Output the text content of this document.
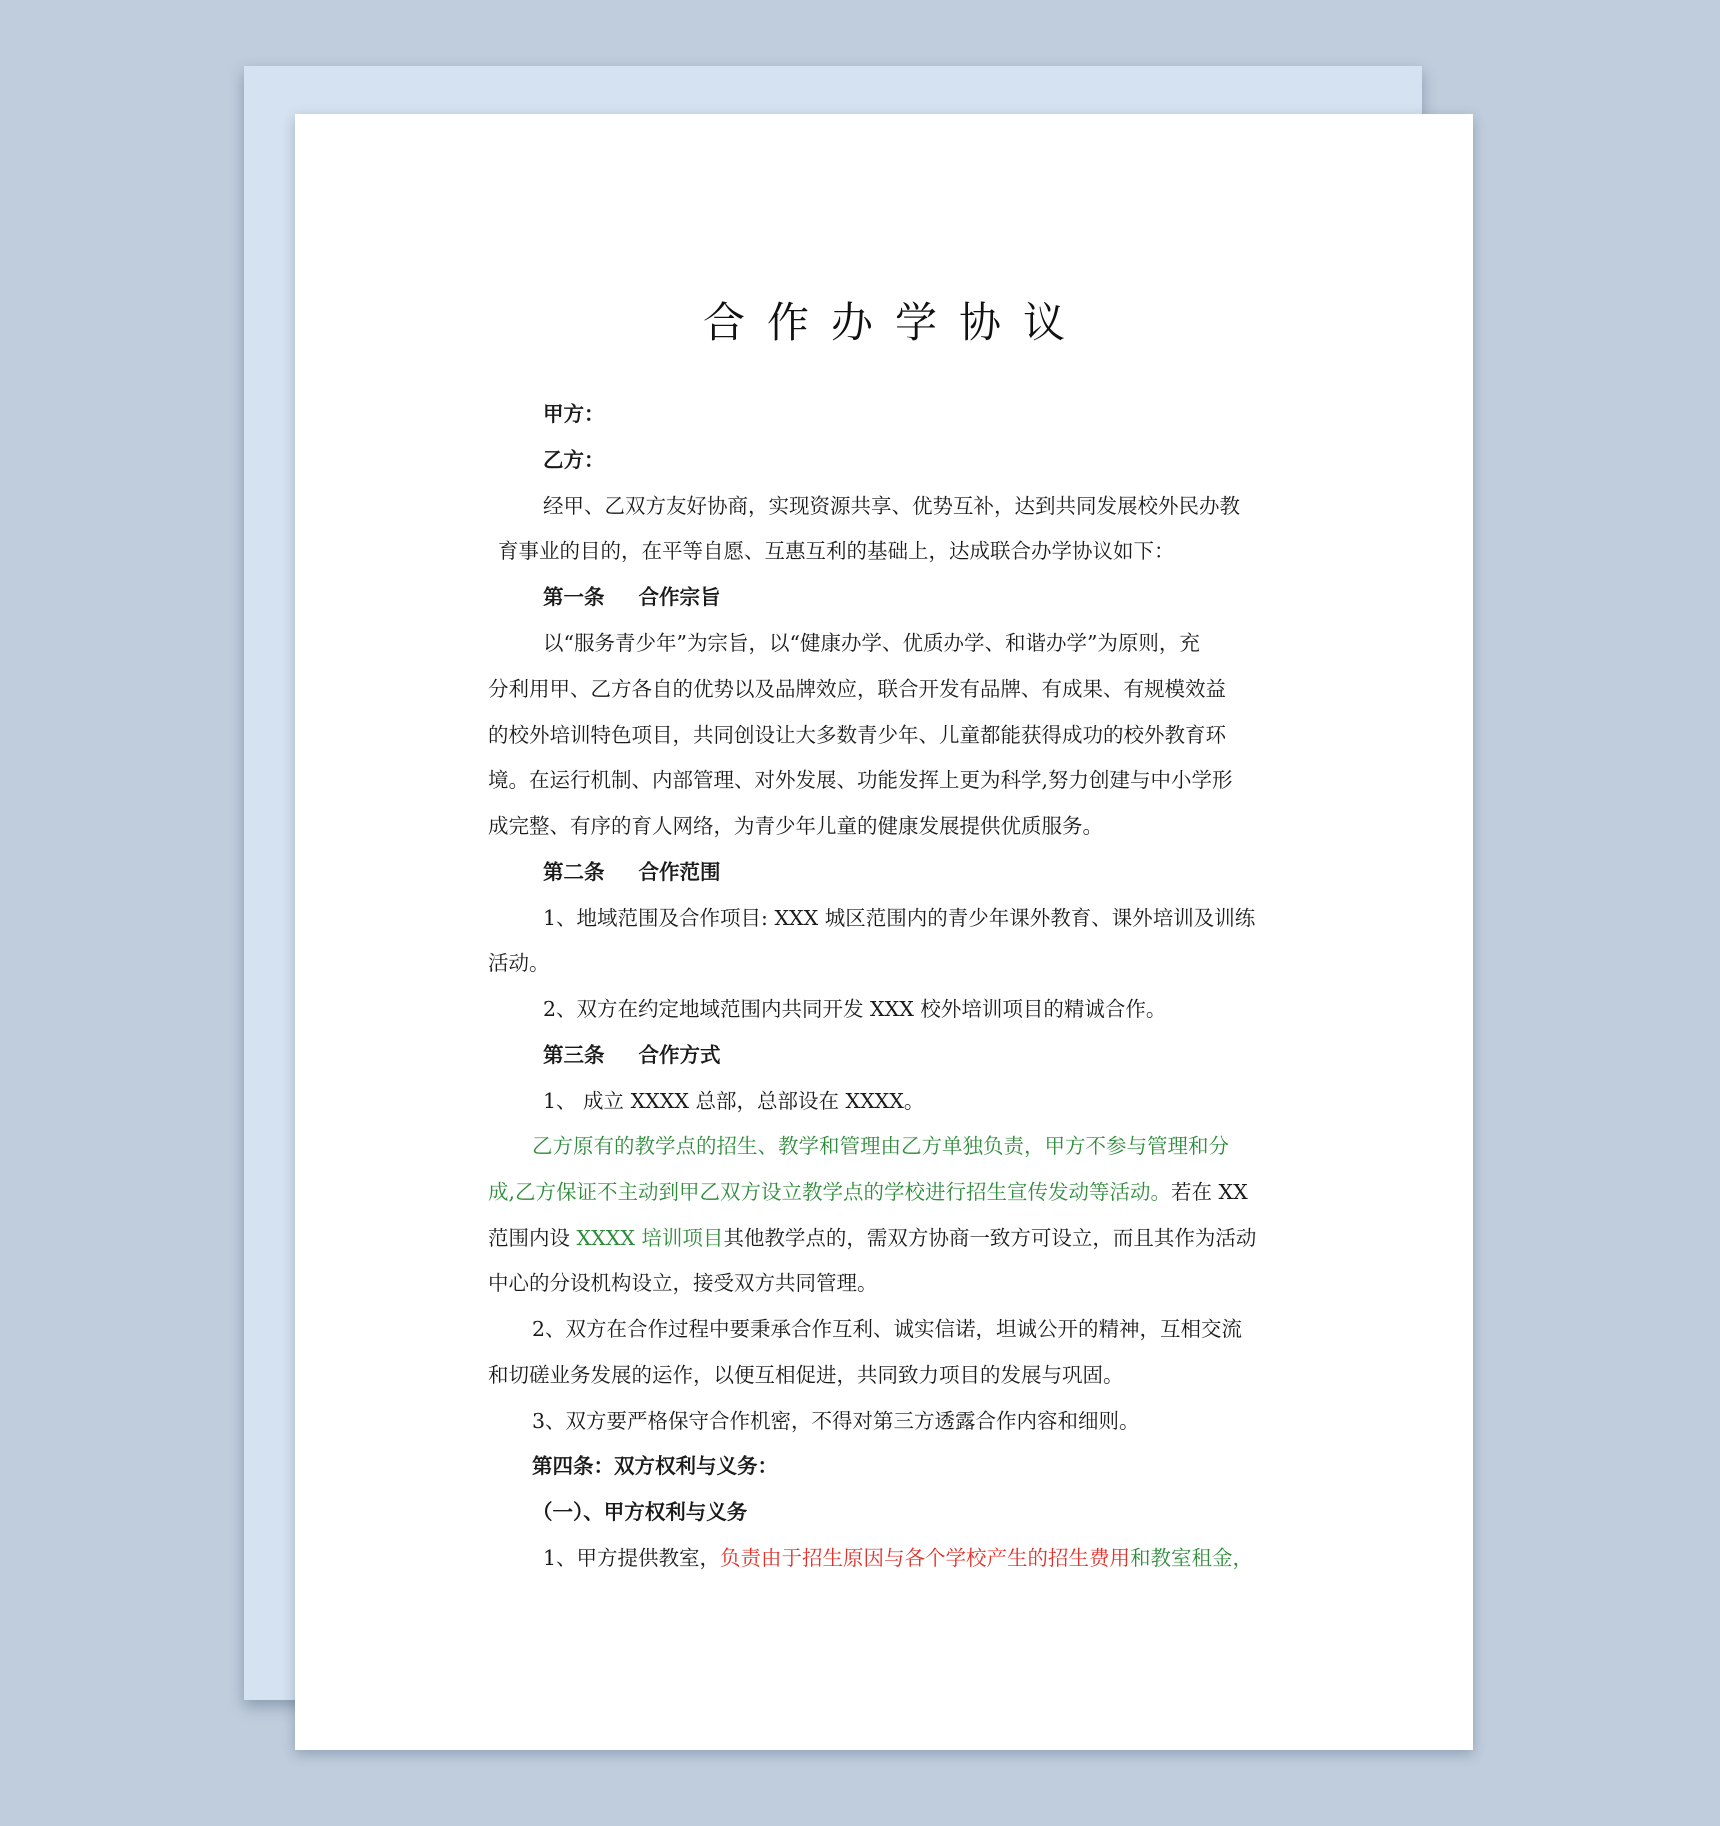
合作办学协议
甲方：
乙方：
经甲、乙双方友好协商，实现资源共享、优势互补，达到共同发展校外民办教
育事业的目的，在平等自愿、互惠互利的基础上，达成联合办学协议如下：
第一条 合作宗旨
以“服务青少年”为宗旨，以“健康办学、优质办学、和谐办学”为原则，充
分利用甲、乙方各自的优势以及品牌效应，联合开发有品牌、有成果、有规模效益
的校外培训特色项目，共同创设让大多数青少年、儿童都能获得成功的校外教育环
境。在运行机制、内部管理、对外发展、功能发挥上更为科学,努力创建与中小学形
成完整、有序的育人网络，为青少年儿童的健康发展提供优质服务。
第二条 合作范围
1、地域范围及合作项目: XXX 城区范围内的青少年课外教育、课外培训及训练
活动。
2、双方在约定地域范围内共同开发 XXX 校外培训项目的精诚合作。
第三条 合作方式
1、 成立 XXXX 总部，总部设在 XXXX。
乙方原有的教学点的招生、教学和管理由乙方单独负责，甲方不参与管理和分
成,乙方保证不主动到甲乙双方设立教学点的学校进行招生宣传发动等活动。若在 XX
范围内设 XXXX 培训项目其他教学点的，需双方协商一致方可设立，而且其作为活动
中心的分设机构设立，接受双方共同管理。
2、双方在合作过程中要秉承合作互利、诚实信诺，坦诚公开的精神，互相交流
和切磋业务发展的运作，以便互相促进，共同致力项目的发展与巩固。
3、双方要严格保守合作机密，不得对第三方透露合作内容和细则。
第四条：双方权利与义务：
（一）、甲方权利与义务
1、甲方提供教室，负责由于招生原因与各个学校产生的招生费用和教室租金，
